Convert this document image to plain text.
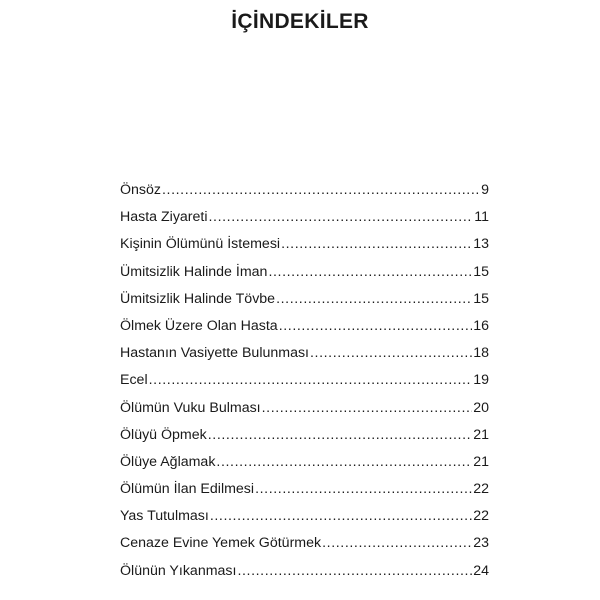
İÇİNDEKİLER
Önsöz .....	9
Hasta Ziyareti .....	11
Kişinin Ölümünü İstemesi .....	13
Ümitsizlik Halinde İman .....	15
Ümitsizlik Halinde Tövbe .....	15
Ölmek Üzere Olan Hasta .....	16
Hastanın Vasiyette Bulunması .....	18
Ecel .....	19
Ölümün Vuku Bulması .....	20
Ölüyü Öpmek .....	21
Ölüye Ağlamak .....	21
Ölümün İlan Edilmesi .....	22
Yas Tutulması .....	22
Cenaze Evine Yemek Götürmek .....	23
Ölünün Yıkanması .....	24
